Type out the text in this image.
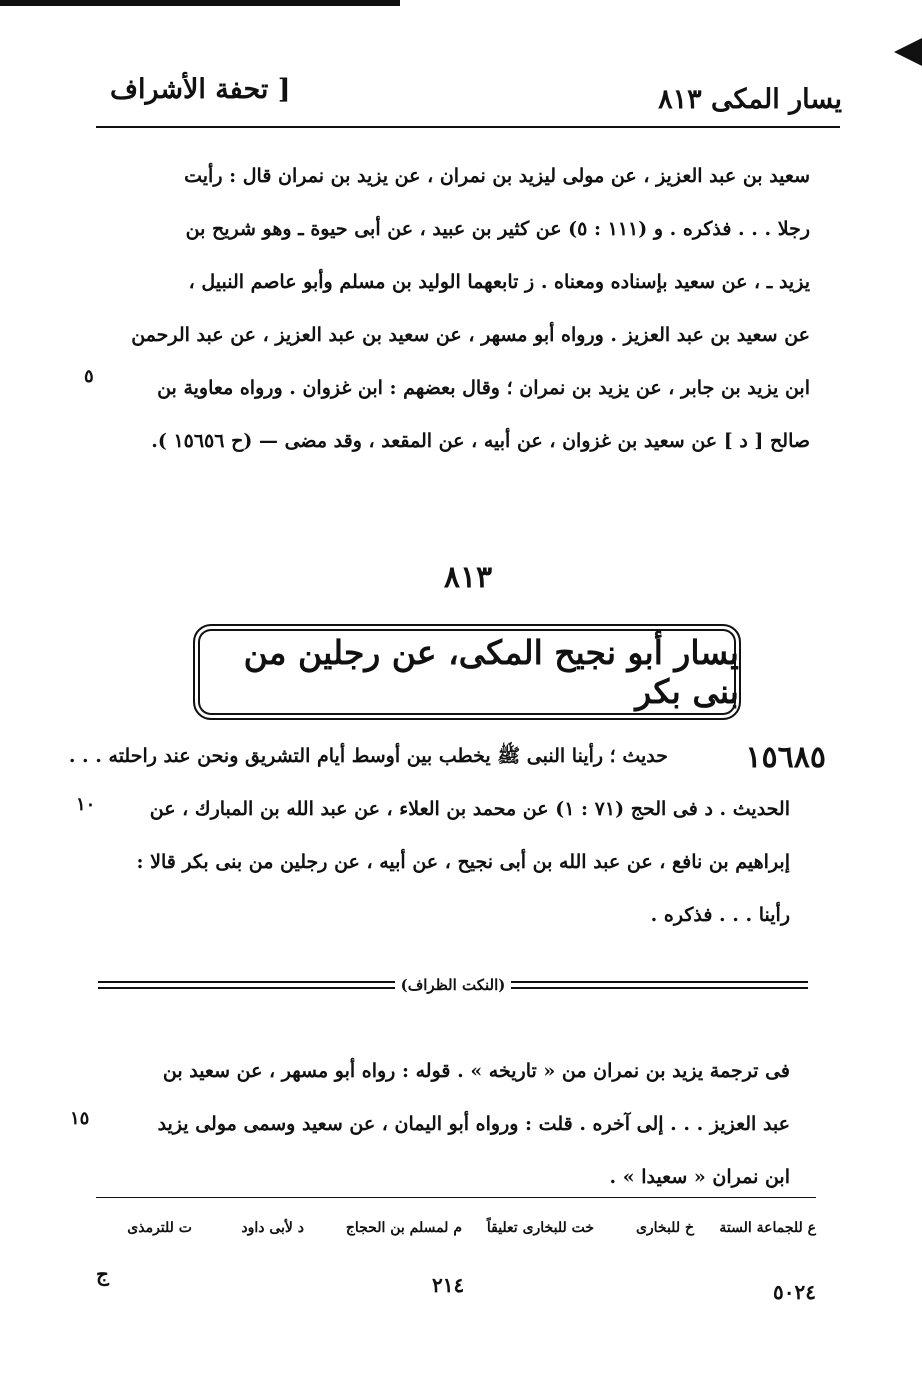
يسار المكى ٨١٣
[ تحفة الأشراف
سعيد بن عبد العزيز ، عن مولى ليزيد بن نمران ، عن يزيد بن نمران قال : رأيت
رجلا . . . فذكره . و (١١١ : ٥) عن كثير بن عبيد ، عن أبى حيوة ـ وهو شريح بن
يزيد ـ ، عن سعيد بإسناده ومعناه . ز تابعهما الوليد بن مسلم وأبو عاصم النبيل ،
عن سعيد بن عبد العزيز . ورواه أبو مسهر ، عن سعيد بن عبد العزيز ، عن عبد الرحمن
ابن يزيد بن جابر ، عن يزيد بن نمران ؛ وقال بعضهم : ابن غزوان . ورواه معاوية بن
صالح [ د ] عن سعيد بن غزوان ، عن أبيه ، عن المقعد ، وقد مضى — (ح ١٥٦٥٦ ).
٥
٨١٣
يسار أبو نجيح المكى، عن رجلين من بنى بكر
١٥٦٨٥
حديث ؛ رأينا النبى ﷺ يخطب بين أوسط أيام التشريق ونحن عند راحلته . . .
الحديث . د فى الحج (٧١ : ١) عن محمد بن العلاء ، عن عبد الله بن المبارك ، عن
إبراهيم بن نافع ، عن عبد الله بن أبى نجيح ، عن أبيه ، عن رجلين من بنى بكر قالا :
رأينا . . . فذكره .
١٠
(النكت الظراف)
فى ترجمة يزيد بن نمران من « تاريخه » . قوله : رواه أبو مسهر ، عن سعيد بن
عبد العزيز . . . إلى آخره . قلت : ورواه أبو اليمان ، عن سعيد وسمى مولى يزيد
ابن نمران « سعيدا » .
١٥
ع للجماعة الستة
خ للبخارى
خت للبخارى تعليقاً
م لمسلم بن الحجاج
د لأبى داود
ت للترمذى
ج	٢١٤	٥٠٢٤
